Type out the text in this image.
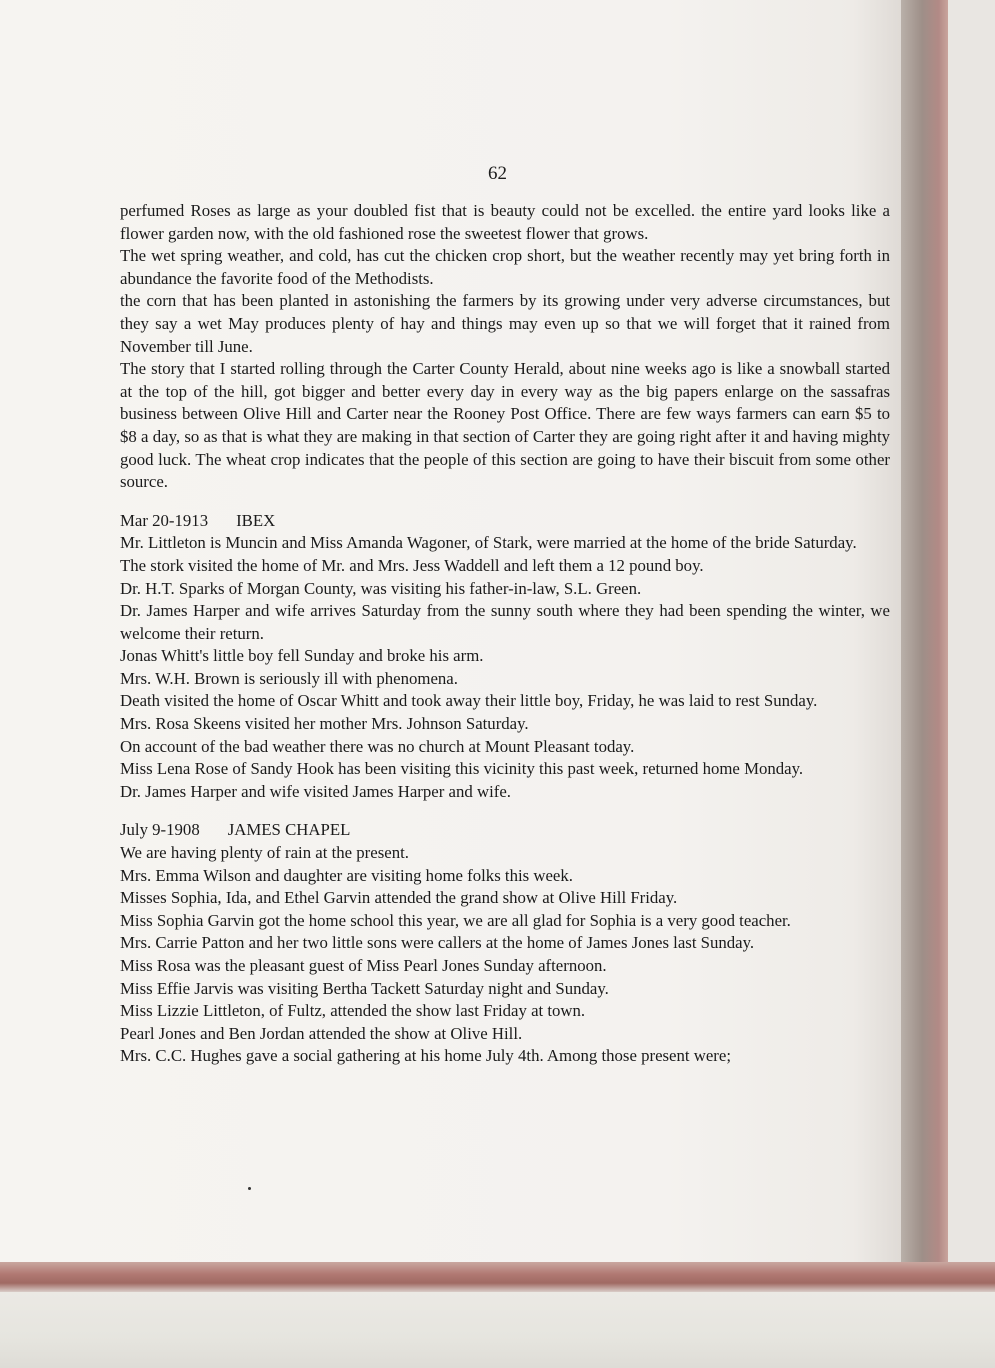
62

perfumed Roses as large as your doubled fist that is beauty could not be excelled. the entire yard looks like a flower garden now, with the old fashioned rose the sweetest flower that grows.

The wet spring weather, and cold, has cut the chicken crop short, but the weather recently may yet bring forth in abundance the favorite food of the Methodists.

the corn that has been planted in astonishing the farmers by its growing under very adverse circumstances, but they say a wet May produces plenty of hay and things may even up so that we will forget that it rained from November till June.

The story that I started rolling through the Carter County Herald, about nine weeks ago is like a snowball started at the top of the hill, got bigger and better every day in every way as the big papers enlarge on the sassafras business between Olive Hill and Carter near the Rooney Post Office. There are few ways farmers can earn $5 to $8 a day, so as that is what they are making in that section of Carter they are going right after it and having mighty good luck. The wheat crop indicates that the people of this section are going to have their biscuit from some other source.

Mar 20-1913 IBEX

Mr. Littleton is Muncin and Miss Amanda Wagoner, of Stark, were married at the home of the bride Saturday.

The stork visited the home of Mr. and Mrs. Jess Waddell and left them a 12 pound boy.

Dr. H.T. Sparks of Morgan County, was visiting his father-in-law, S.L. Green.

Dr. James Harper and wife arrives Saturday from the sunny south where they had been spending the winter, we welcome their return.

Jonas Whitt's little boy fell Sunday and broke his arm.

Mrs. W.H. Brown is seriously ill with phenomena.

Death visited the home of Oscar Whitt and took away their little boy, Friday, he was laid to rest Sunday.

Mrs. Rosa Skeens visited her mother Mrs. Johnson Saturday.

On account of the bad weather there was no church at Mount Pleasant today.

Miss Lena Rose of Sandy Hook has been visiting this vicinity this past week, returned home Monday.

Dr. James Harper and wife visited James Harper and wife.

July 9-1908 JAMES CHAPEL

We are having plenty of rain at the present.

Mrs. Emma Wilson and daughter are visiting home folks this week.

Misses Sophia, Ida, and Ethel Garvin attended the grand show at Olive Hill Friday.

Miss Sophia Garvin got the home school this year, we are all glad for Sophia is a very good teacher.

Mrs. Carrie Patton and her two little sons were callers at the home of James Jones last Sunday.

Miss Rosa was the pleasant guest of Miss Pearl Jones Sunday afternoon.

Miss Effie Jarvis was visiting Bertha Tackett Saturday night and Sunday.

Miss Lizzie Littleton, of Fultz, attended the show last Friday at town.

Pearl Jones and Ben Jordan attended the show at Olive Hill.

Mrs. C.C. Hughes gave a social gathering at his home July 4th. Among those present were;
